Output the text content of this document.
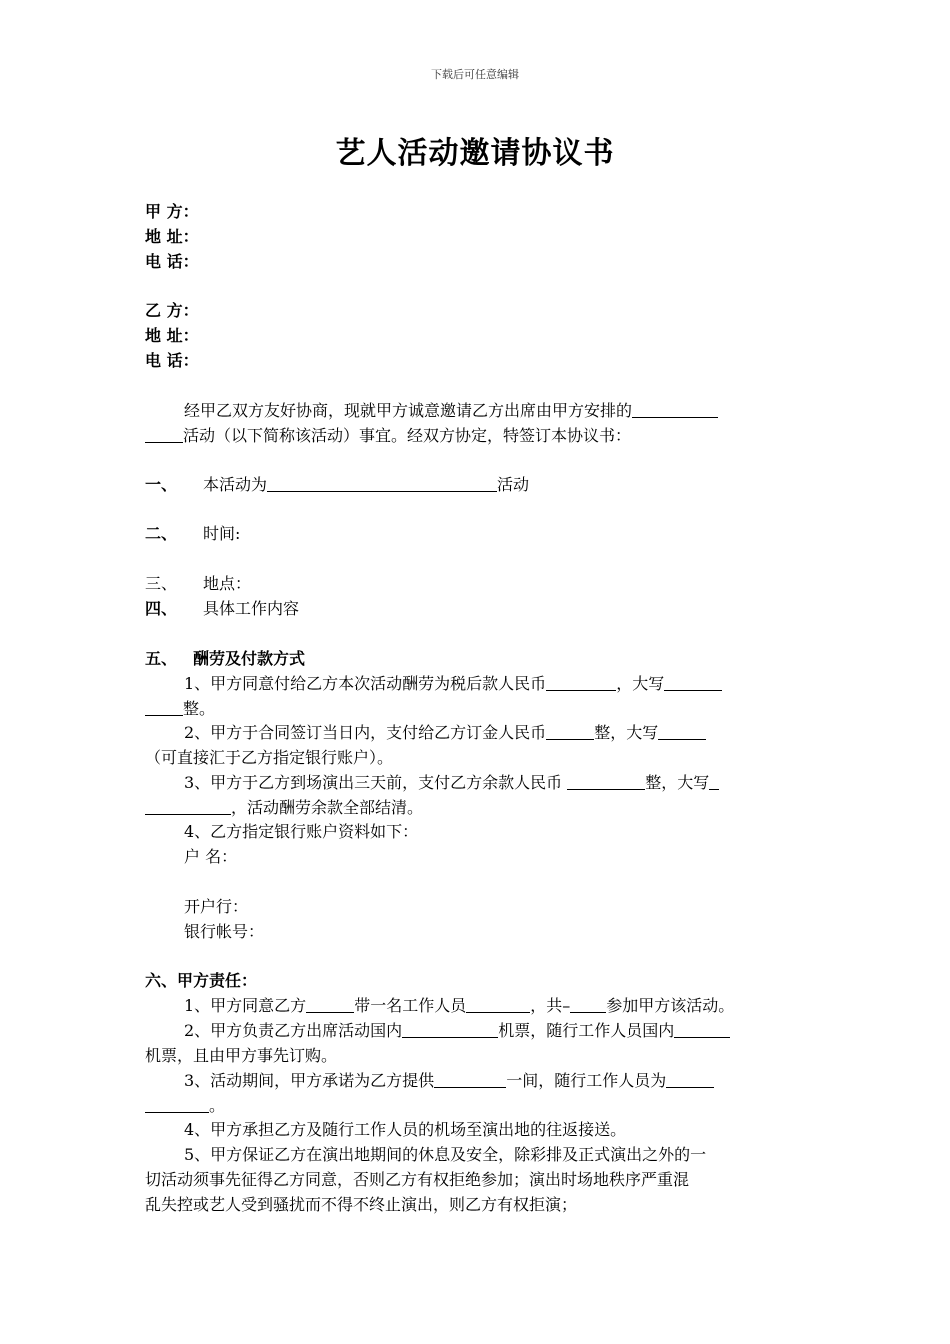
下载后可任意编辑
艺人活动邀请协议书
甲 方：
地 址：
电 话：
乙 方：
地 址：
电 话：
经甲乙双方友好协商，现就甲方诚意邀请乙方出席由甲方安排的
活动（以下简称该活动）事宜。经双方协定，特签订本协议书：
一、 本活动为	活动
二、 时间:
三、 地点：
四、 具体工作内容
五、 酬劳及付款方式
1、甲方同意付给乙方本次活动酬劳为税后款人民币	，大写
整。
2、甲方于合同签订当日内，支付给乙方订金人民币	整，大写
（可直接汇于乙方指定银行账户）。
3、甲方于乙方到场演出三天前，支付乙方余款人民币	整，大写
，活动酬劳余款全部结清。
4、乙方指定银行账户资料如下：
户 名：
开户行：
银行帐号：
六、甲方责任：
1、甲方同意乙方	带一名工作人员	，共– 参加甲方该活动。
2、甲方负责乙方出席活动国内	机票，随行工作人员国内
机票，且由甲方事先订购。
3、活动期间，甲方承诺为乙方提供	一间，随行工作人员为
。
4、甲方承担乙方及随行工作人员的机场至演出地的往返接送。
5、甲方保证乙方在演出地期间的休息及安全，除彩排及正式演出之外的一
切活动须事先征得乙方同意，否则乙方有权拒绝参加；演出时场地秩序严重混
乱失控或艺人受到骚扰而不得不终止演出，则乙方有权拒演；
